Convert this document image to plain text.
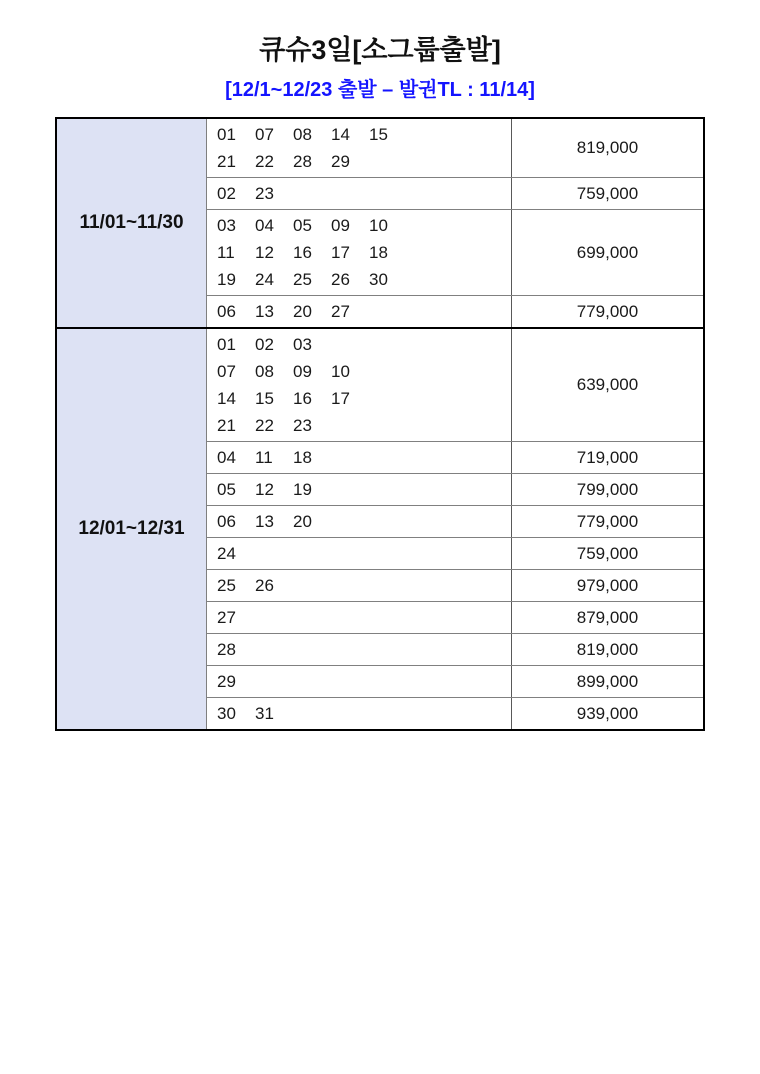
큐슈3일[소그룹출발]
[12/1~12/23 출발 – 발권TL : 11/14]
11/01~11/30
01 07 08 14 15
21 22 28 29
819,000
02 23	759,000
03 04 05 09 10
11 12 16 17 18
19 24 25 26 30
699,000
06 13 20 27	779,000
12/01~12/31
01 02 03
07 08 09 10
14 15 16 17
21 22 23
639,000
04 11 18	719,000
05 12 19	799,000
06 13 20	779,000
24	759,000
25 26	979,000
27	879,000
28	819,000
29	899,000
30 31	939,000
